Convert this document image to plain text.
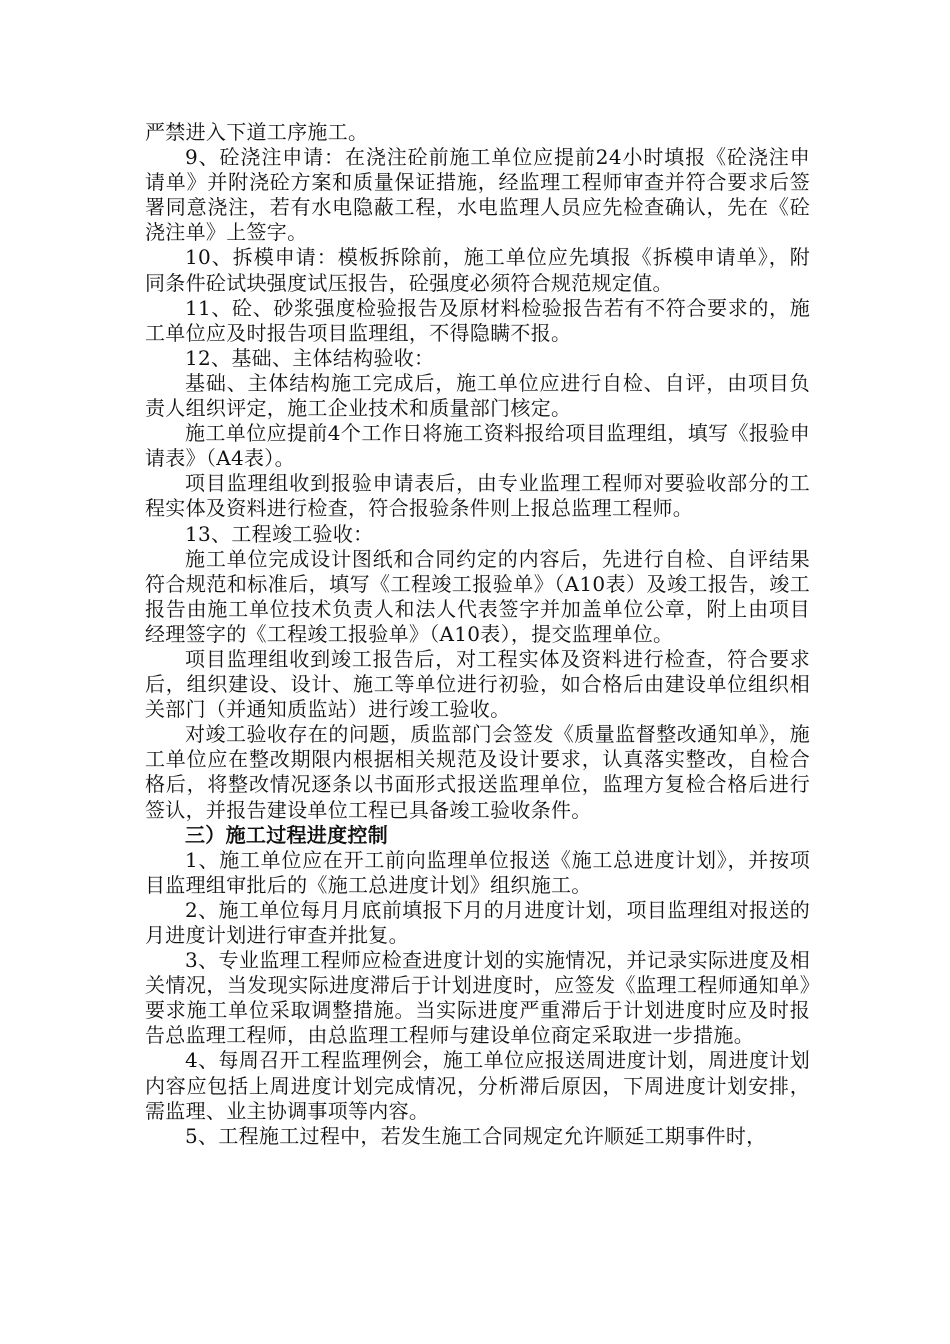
严禁进入下道工序施工。

9、砼浇注申请：在浇注砼前施工单位应提前24小时填报《砼浇注申请单》并附浇砼方案和质量保证措施，经监理工程师审查并符合要求后签署同意浇注，若有水电隐蔽工程，水电监理人员应先检查确认，先在《砼浇注单》上签字。

10、拆模申请：模板拆除前，施工单位应先填报《拆模申请单》，附同条件砼试块强度试压报告，砼强度必须符合规范规定值。

11、砼、砂浆强度检验报告及原材料检验报告若有不符合要求的，施工单位应及时报告项目监理组，不得隐瞒不报。

12、基础、主体结构验收：

基础、主体结构施工完成后，施工单位应进行自检、自评，由项目负责人组织评定，施工企业技术和质量部门核定。

施工单位应提前4个工作日将施工资料报给项目监理组，填写《报验申请表》（A4表）。

项目监理组收到报验申请表后，由专业监理工程师对要验收部分的工程实体及资料进行检查，符合报验条件则上报总监理工程师。

13、工程竣工验收：

施工单位完成设计图纸和合同约定的内容后，先进行自检、自评结果符合规范和标准后，填写《工程竣工报验单》（A10表）及竣工报告，竣工报告由施工单位技术负责人和法人代表签字并加盖单位公章，附上由项目经理签字的《工程竣工报验单》（A10表），提交监理单位。

项目监理组收到竣工报告后，对工程实体及资料进行检查，符合要求后，组织建设、设计、施工等单位进行初验，如合格后由建设单位组织相关部门（并通知质监站）进行竣工验收。

对竣工验收存在的问题，质监部门会签发《质量监督整改通知单》，施工单位应在整改期限内根据相关规范及设计要求，认真落实整改，自检合格后，将整改情况逐条以书面形式报送监理单位，监理方复检合格后进行签认，并报告建设单位工程已具备竣工验收条件。

三）施工过程进度控制

1、施工单位应在开工前向监理单位报送《施工总进度计划》，并按项目监理组审批后的《施工总进度计划》组织施工。

2、施工单位每月月底前填报下月的月进度计划，项目监理组对报送的月进度计划进行审查并批复。

3、专业监理工程师应检查进度计划的实施情况，并记录实际进度及相关情况，当发现实际进度滞后于计划进度时，应签发《监理工程师通知单》要求施工单位采取调整措施。当实际进度严重滞后于计划进度时应及时报告总监理工程师，由总监理工程师与建设单位商定采取进一步措施。

4、每周召开工程监理例会，施工单位应报送周进度计划，周进度计划内容应包括上周进度计划完成情况，分析滞后原因，下周进度计划安排，需监理、业主协调事项等内容。

5、工程施工过程中，若发生施工合同规定允许顺延工期事件时，
